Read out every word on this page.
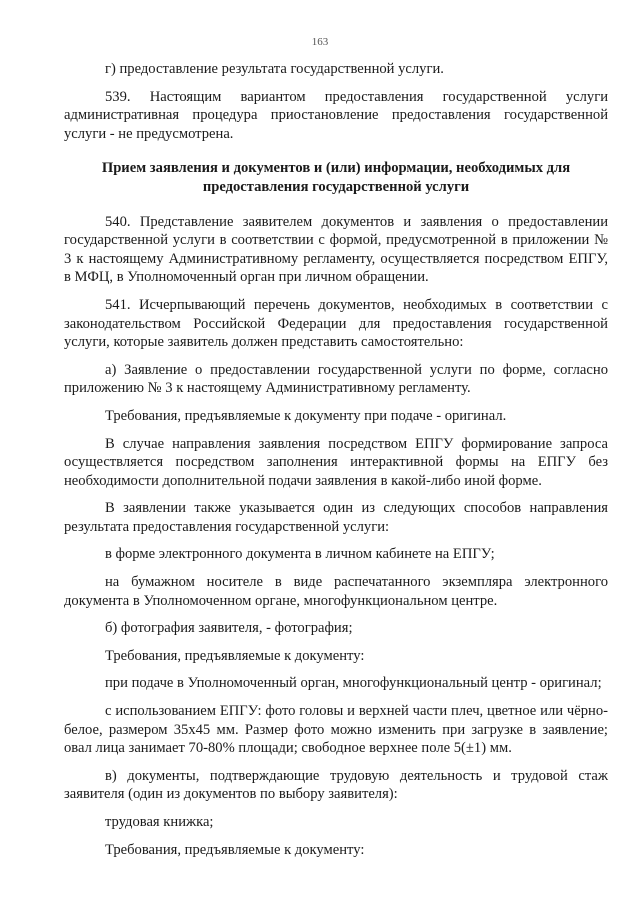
163

г) предоставление результата государственной услуги.

539. Настоящим вариантом предоставления государственной услуги административная процедура приостановление предоставления государственной услуги - не предусмотрена.

Прием заявления и документов и (или) информации, необходимых для предоставления государственной услуги

540. Представление заявителем документов и заявления о предоставлении государственной услуги в соответствии с формой, предусмотренной в приложении № 3 к настоящему Административному регламенту, осуществляется посредством ЕПГУ, в МФЦ, в Уполномоченный орган при личном обращении.

541. Исчерпывающий перечень документов, необходимых в соответствии с законодательством Российской Федерации для предоставления государственной услуги, которые заявитель должен представить самостоятельно:

а) Заявление о предоставлении государственной услуги по форме, согласно приложению № 3 к настоящему Административному регламенту.

Требования, предъявляемые к документу при подаче - оригинал.

В случае направления заявления посредством ЕПГУ формирование запроса осуществляется посредством заполнения интерактивной формы на ЕПГУ без необходимости дополнительной подачи заявления в какой-либо иной форме.

В заявлении также указывается один из следующих способов направления результата предоставления государственной услуги:

в форме электронного документа в личном кабинете на ЕПГУ;

на бумажном носителе в виде распечатанного экземпляра электронного документа в Уполномоченном органе, многофункциональном центре.

б) фотография заявителя, - фотография;

Требования, предъявляемые к документу:

при подаче в Уполномоченный орган, многофункциональный центр - оригинал;

с использованием ЕПГУ: фото головы и верхней части плеч, цветное или чёрно-белое, размером 35x45 мм. Размер фото можно изменить при загрузке в заявление; овал лица занимает 70-80% площади; свободное верхнее поле 5(±1) мм.

в) документы, подтверждающие трудовую деятельность и трудовой стаж заявителя (один из документов по выбору заявителя):

трудовая книжка;

Требования, предъявляемые к документу:
